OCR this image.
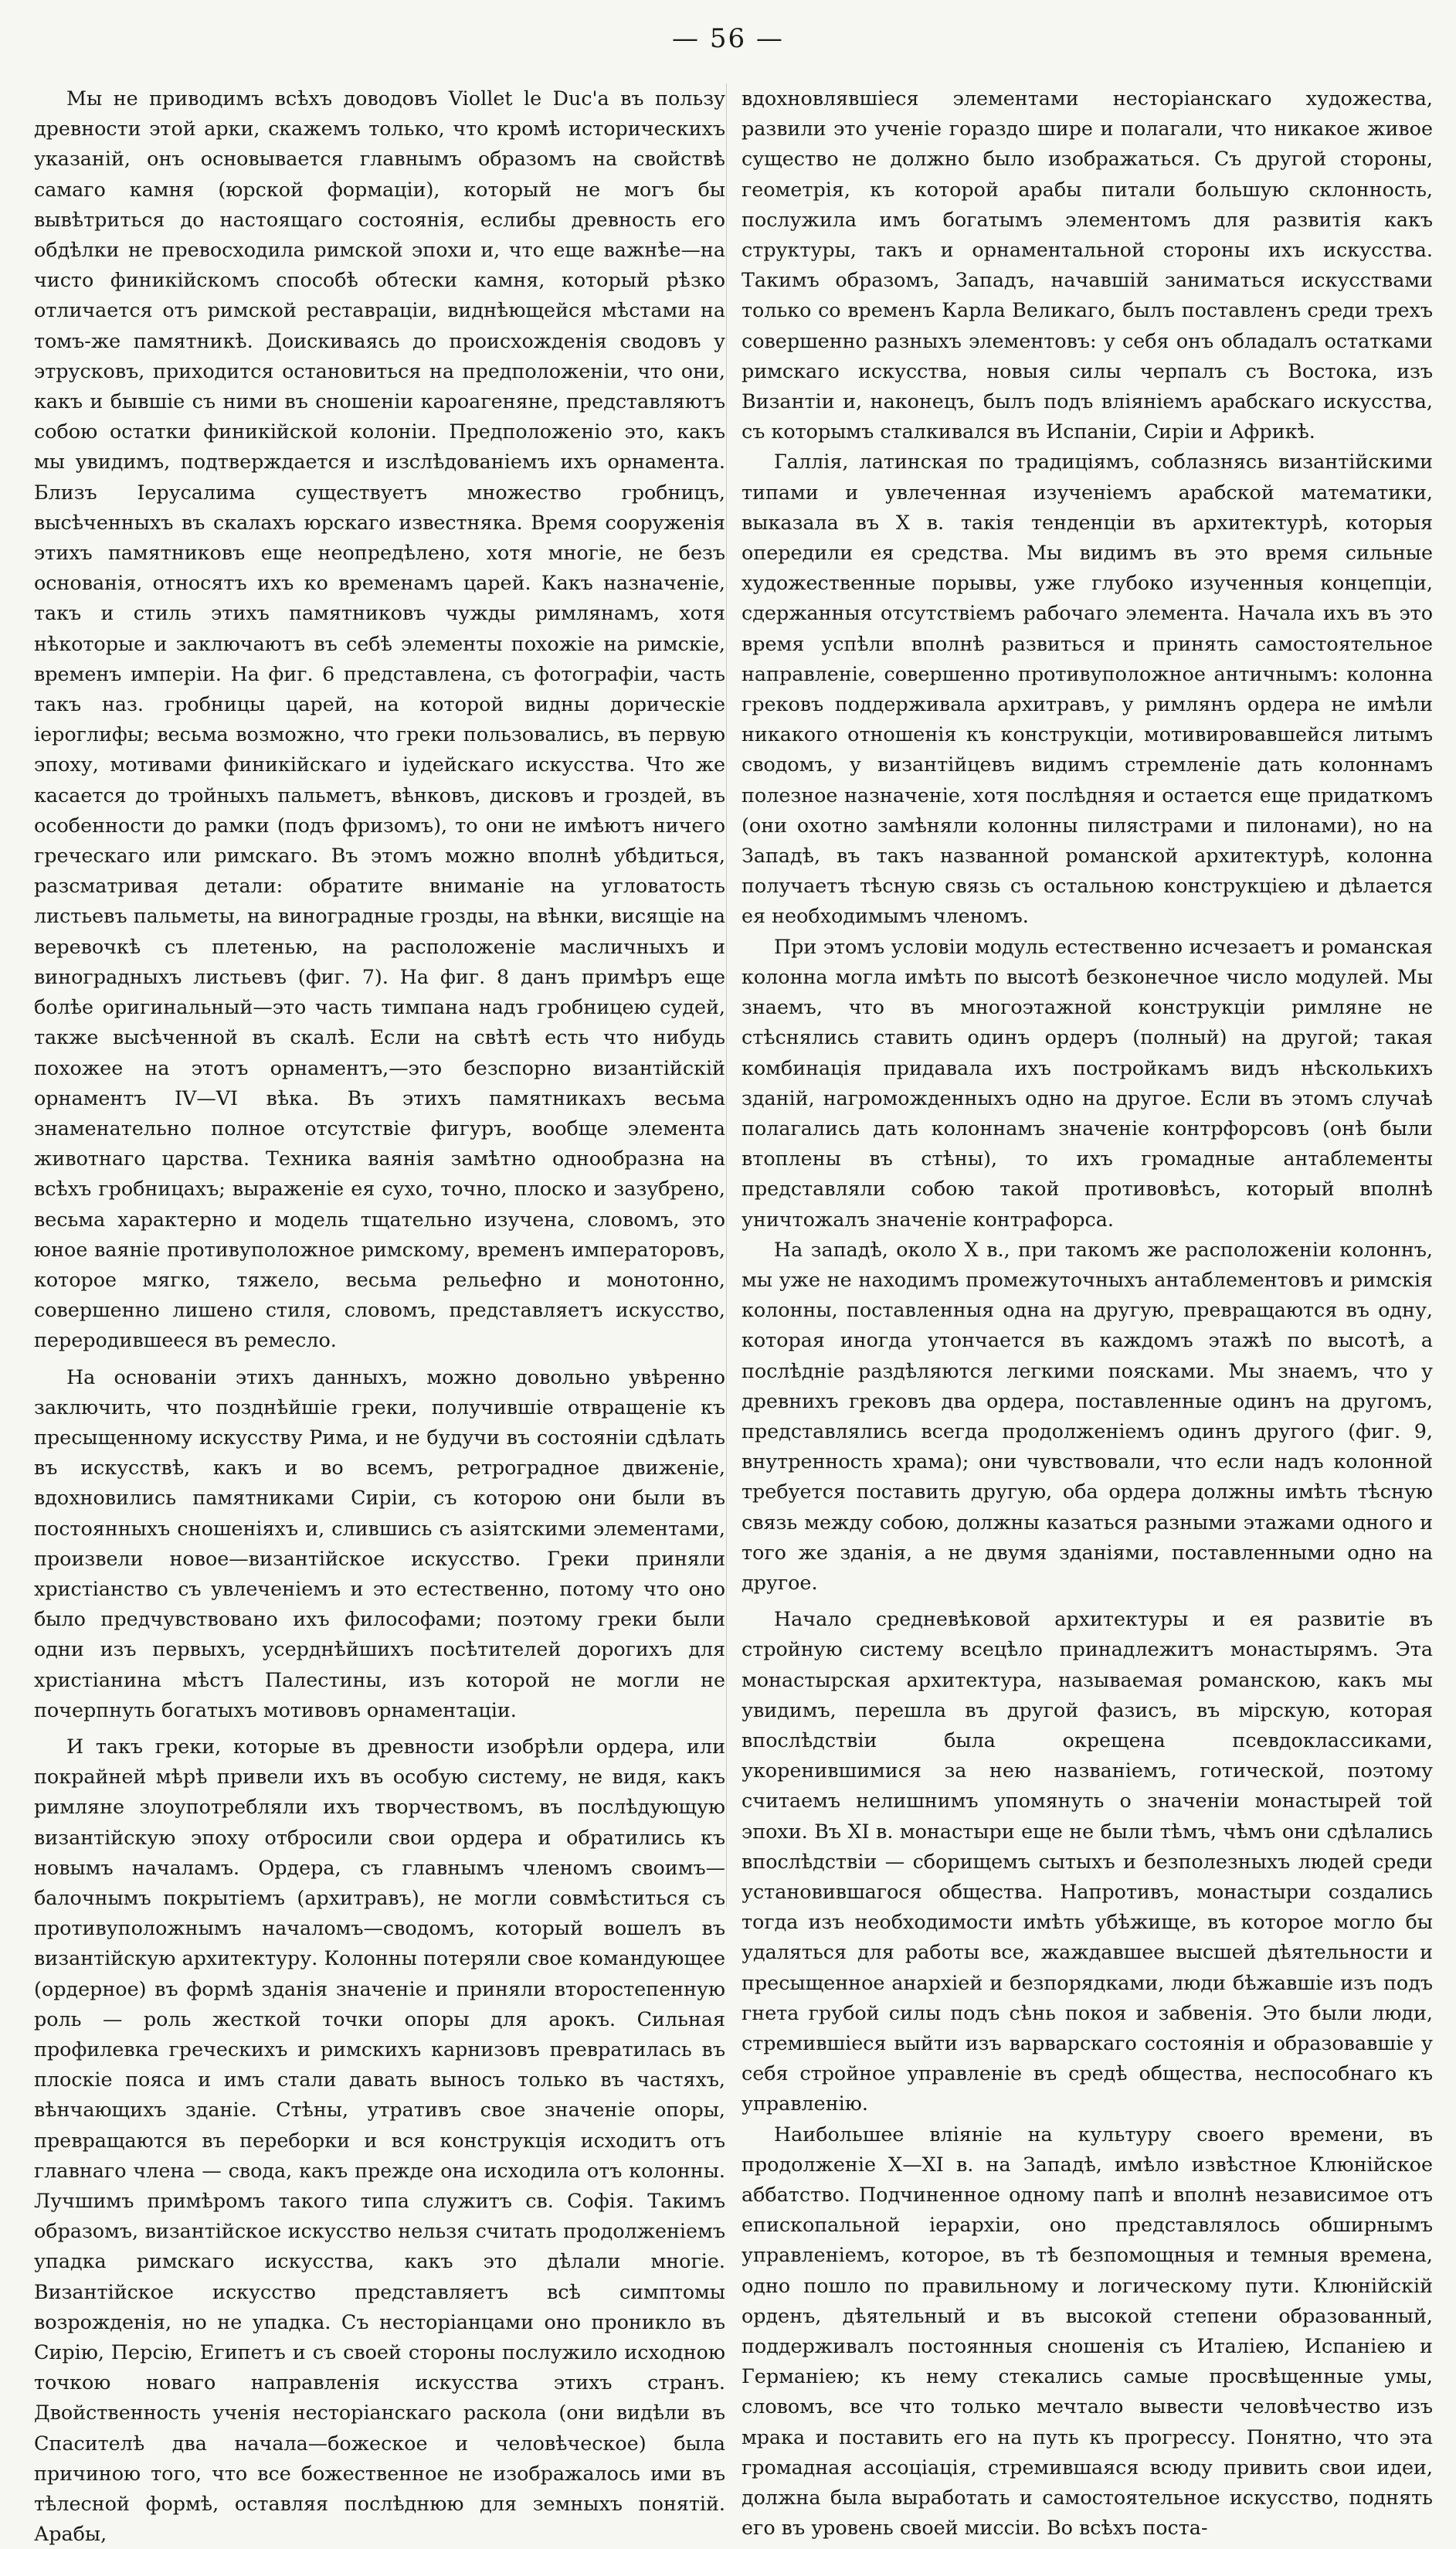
— 56 —

Мы не приводимъ всѣхъ доводовъ Viollet le Duc'a въ пользу древности этой арки, скажемъ только, что кромѣ историческихъ указаній, онъ основывается главнымъ образомъ на свойствѣ самаго камня (юрской формаціи), который не могъ бы вывѣтриться до настоящаго состоянія, еслибы древность его обдѣлки не превосходила римской эпохи и, что еще важнѣе—на чисто финикійскомъ способѣ обтески камня, который рѣзко отличается отъ римской реставраціи, виднѣющейся мѣстами на томъ-же памятникѣ. Доискиваясь до происхожденія сводовъ у этрусковъ, приходится остановиться на предположеніи, что они, какъ и бывшіе съ ними въ сношеніи кароагеняне, представляютъ собою остатки финикійской колоніи. Предположеніо это, какъ мы увидимъ, подтверждается и изслѣдованіемъ ихъ орнамента. Близъ Іерусалима существуетъ множество гробницъ, высѣченныхъ въ скалахъ юрскаго известняка. Время сооруженія этихъ памятниковъ еще неопредѣлено, хотя многіе, не безъ основанія, относятъ ихъ ко временамъ царей. Какъ назначеніе, такъ и стиль этихъ памятниковъ чужды римлянамъ, хотя нѣкоторые и заключаютъ въ себѣ элементы похожіе на римскіе, временъ имперіи. На фиг. 6 представлена, съ фотографіи, часть такъ наз. гробницы царей, на которой видны дорическіе іероглифы; весьма возможно, что греки пользовались, въ первую эпоху, мотивами финикійскаго и іудейскаго искусства. Что же касается до тройныхъ пальметъ, вѣнковъ, дисковъ и гроздей, въ особенности до рамки (подъ фризомъ), то они не имѣютъ ничего греческаго или римскаго. Въ этомъ можно вполнѣ убѣдиться, разсматривая детали: обратите вниманіе на угловатость листьевъ пальметы, на виноградные грозды, на вѣнки, висящіе на веревочкѣ съ плетенью, на расположеніе масличныхъ и виноградныхъ листьевъ (фиг. 7). На фиг. 8 данъ примѣръ еще болѣе оригинальный—это часть тимпана надъ гробницею судей, также высѣченной въ скалѣ. Если на свѣтѣ есть что нибудь похожее на этотъ орнаментъ,—это безспорно византійскій орнаментъ IV—VI вѣка. Въ этихъ памятникахъ весьма знаменательно полное отсутствіе фигуръ, вообще элемента животнаго царства. Техника ваянія замѣтно однообразна на всѣхъ гробницахъ; выраженіе ея сухо, точно, плоско и зазубрено, весьма характерно и модель тщательно изучена, словомъ, это юное ваяніе противуположное римскому, временъ императоровъ, которое мягко, тяжело, весьма рельефно и монотонно, совершенно лишено стиля, словомъ, представляетъ искусство, переродившееся въ ремесло.

На основаніи этихъ данныхъ, можно довольно увѣренно заключить, что позднѣйшіе греки, получившіе отвращеніе къ пресыщенному искусству Рима, и не будучи въ состояніи сдѣлать въ искусствѣ, какъ и во всемъ, ретроградное движеніе, вдохновились памятниками Сиріи, съ которою они были въ постоянныхъ сношеніяхъ и, слившись съ азіятскими элементами, произвели новое—византійское искусство. Греки приняли христіанство съ увлеченіемъ и это естественно, потому что оно было предчувствовано ихъ философами; поэтому греки были одни изъ первыхъ, усерднѣйшихъ посѣтителей дорогихъ для христіанина мѣстъ Палестины, изъ которой не могли не почерпнуть богатыхъ мотивовъ орнаментаціи.

И такъ греки, которые въ древности изобрѣли ордера, или покрайней мѣрѣ привели ихъ въ особую систему, не видя, какъ римляне злоупотребляли ихъ творчествомъ, въ послѣдующую византійскую эпоху отбросили свои ордера и обратились къ новымъ началамъ. Ордера, съ главнымъ членомъ своимъ—балочнымъ покрытіемъ (архитравъ), не могли совмѣститься съ противуположнымъ началомъ—сводомъ, который вошелъ въ византійскую архитектуру. Колонны потеряли свое командующее (ордерное) въ формѣ зданія значеніе и приняли второстепенную роль — роль жесткой точки опоры для арокъ. Сильная профилевка греческихъ и римскихъ карнизовъ превратилась въ плоскіе пояса и имъ стали давать выносъ только въ частяхъ, вѣнчающихъ зданіе. Стѣны, утративъ свое значеніе опоры, превращаются въ переборки и вся конструкція исходитъ отъ главнаго члена — свода, какъ прежде она исходила отъ колонны. Лучшимъ примѣромъ такого типа служитъ св. Софія. Такимъ образомъ, византійское искусство нельзя считать продолженіемъ упадка римскаго искусства, какъ это дѣлали многіе. Византійское искусство представляетъ всѣ симптомы возрожденія, но не упадка. Съ несторіанцами оно проникло въ Сирію, Персію, Египетъ и съ своей стороны послужило исходною точкою новаго направленія искусства этихъ странъ. Двойственность ученія несторіанскаго раскола (они видѣли въ Спасителѣ два начала—божеское и человѣческое) была причиною того, что все божественное не изображалось ими въ тѣлесной формѣ, оставляя послѣднюю для земныхъ понятій. Арабы,

вдохновлявшіеся элементами несторіанскаго художества, развили это ученіе гораздо шире и полагали, что никакое живое существо не должно было изображаться. Съ другой стороны, геометрія, къ которой арабы питали большую склонность, послужила имъ богатымъ элементомъ для развитія какъ структуры, такъ и орнаментальной стороны ихъ искусства. Такимъ образомъ, Западъ, начавшій заниматься искусствами только со временъ Карла Великаго, былъ поставленъ среди трехъ совершенно разныхъ элементовъ: у себя онъ обладалъ остатками римскаго искусства, новыя силы черпалъ съ Востока, изъ Византіи и, наконецъ, былъ подъ вліяніемъ арабскаго искусства, съ которымъ сталкивался въ Испаніи, Сиріи и Африкѣ.

Галлія, латинская по традиціямъ, соблазнясь византійскими типами и увлеченная изученіемъ арабской математики, выказала въ X в. такія тенденціи въ архитектурѣ, которыя опередили ея средства. Мы видимъ въ это время сильные художественные порывы, уже глубоко изученныя концепціи, сдержанныя отсутствіемъ рабочаго элемента. Начала ихъ въ это время успѣли вполнѣ развиться и принять самостоятельное направленіе, совершенно противуположное античнымъ: колонна грековъ поддерживала архитравъ, у римлянъ ордера не имѣли никакого отношенія къ конструкціи, мотивировавшейся литымъ сводомъ, у византійцевъ видимъ стремленіе дать колоннамъ полезное назначеніе, хотя послѣдняя и остается еще придаткомъ (они охотно замѣняли колонны пилястрами и пилонами), но на Западѣ, въ такъ названной романской архитектурѣ, колонна получаетъ тѣсную связь съ остальною конструкціею и дѣлается ея необходимымъ членомъ.

При этомъ условіи модуль естественно исчезаетъ и романская колонна могла имѣть по высотѣ безконечное число модулей. Мы знаемъ, что въ многоэтажной конструкціи римляне не стѣснялись ставить одинъ ордеръ (полный) на другой; такая комбинація придавала ихъ постройкамъ видъ нѣсколькихъ зданій, нагроможденныхъ одно на другое. Если въ этомъ случаѣ полагались дать колоннамъ значеніе контрфорсовъ (онѣ были втоплены въ стѣны), то ихъ громадные антаблементы представляли собою такой противовѣсъ, который вполнѣ уничтожалъ значеніе контрафорса.

На западѣ, около X в., при такомъ же расположеніи колоннъ, мы уже не находимъ промежуточныхъ антаблементовъ и римскія колонны, поставленныя одна на другую, превращаются въ одну, которая иногда утончается въ каждомъ этажѣ по высотѣ, а послѣдніе раздѣляются легкими поясками. Мы знаемъ, что у древнихъ грековъ два ордера, поставленные одинъ на другомъ, представлялись всегда продолженіемъ одинъ другого (фиг. 9, внутренность храма); они чувствовали, что если надъ колонной требуется поставить другую, оба ордера должны имѣть тѣсную связь между собою, должны казаться разными этажами одного и того же зданія, а не двумя зданіями, поставленными одно на другое.

Начало средневѣковой архитектуры и ея развитіе въ стройную систему всецѣло принадлежитъ монастырямъ. Эта монастырская архитектура, называемая романскою, какъ мы увидимъ, перешла въ другой фазисъ, въ мірскую, которая впослѣдствіи была окрещена псевдоклассиками, укоренившимися за нею названіемъ, готической, поэтому считаемъ нелишнимъ упомянуть о значеніи монастырей той эпохи. Въ XI в. монастыри еще не были тѣмъ, чѣмъ они сдѣлались впослѣдствіи — сборищемъ сытыхъ и безполезныхъ людей среди установившагося общества. Напротивъ, монастыри создались тогда изъ необходимости имѣть убѣжище, въ которое могло бы удаляться для работы все, жаждавшее высшей дѣятельности и пресыщенное анархіей и безпорядками, люди бѣжавшіе изъ подъ гнета грубой силы подъ сѣнь покоя и забвенія. Это были люди, стремившіеся выйти изъ варварскаго состоянія и образовавшіе у себя стройное управленіе въ средѣ общества, неспособнаго къ управленію.

Наибольшее вліяніе на культуру своего времени, въ продолженіе X—XI в. на Западѣ, имѣло извѣстное Клюнійское аббатство. Подчиненное одному папѣ и вполнѣ независимое отъ епископальной іерархіи, оно представлялось обширнымъ управленіемъ, которое, въ тѣ безпомощныя и темныя времена, одно пошло по правильному и логическому пути. Клюнійскій орденъ, дѣятельный и въ высокой степени образованный, поддерживалъ постоянныя сношенія съ Италіею, Испаніею и Германіею; къ нему стекались самые просвѣщенные умы, словомъ, все что только мечтало вывести человѣчество изъ мрака и поставить его на путь къ прогрессу. Понятно, что эта громадная ассоціація, стремившаяся всюду привить свои идеи, должна была выработать и самостоятельное искусство, поднять его въ уровень своей миссіи. Во всѣхъ поста-
